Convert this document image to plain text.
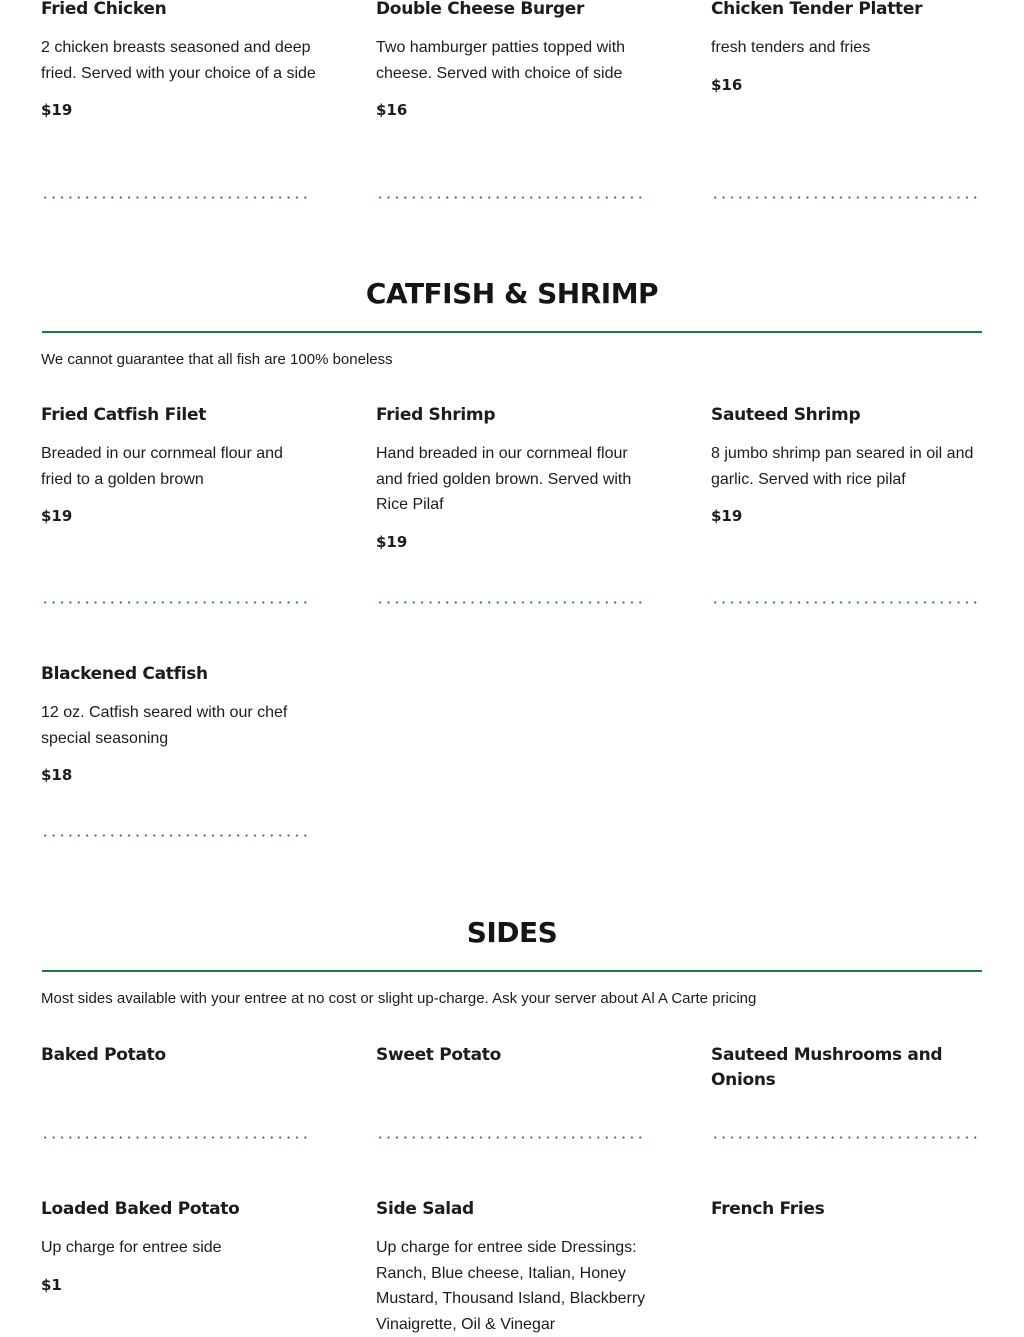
Fried Chicken

2 chicken breasts seasoned and deep fried. Served with your choice of a side

$19

Double Cheese Burger

Two hamburger patties topped with cheese. Served with choice of side

$16

Chicken Tender Platter

fresh tenders and fries

$16

CATFISH & SHRIMP
We cannot guarantee that all fish are 100% boneless

Fried Catfish Filet

Breaded in our cornmeal flour and fried to a golden brown

$19

Fried Shrimp

Hand breaded in our cornmeal flour and fried golden brown. Served with Rice Pilaf

$19

Sauteed Shrimp

8 jumbo shrimp pan seared in oil and garlic. Served with rice pilaf

$19

Blackened Catfish

12 oz. Catfish seared with our chef special seasoning

$18

SIDES
Most sides available with your entree at no cost or slight up-charge. Ask your server about Al A Carte pricing

Baked Potato	Sweet Potato	Sauteed Mushrooms and Onions

Loaded Baked Potato

Up charge for entree side

$1

Side Salad

Up charge for entree side Dressings: Ranch, Blue cheese, Italian, Honey Mustard, Thousand Island, Blackberry Vinaigrette, Oil & Vinegar

French Fries
